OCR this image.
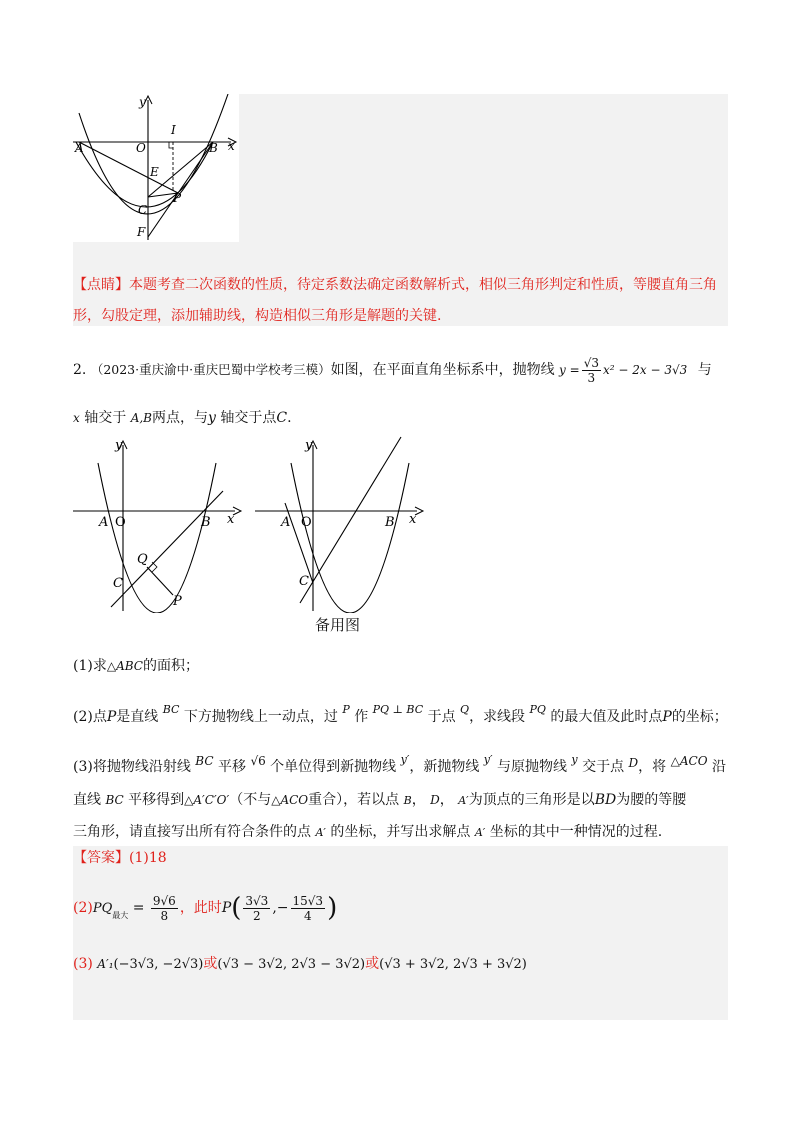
y
I
A	O	B x
E
C
P
F
【点睛】本题考查二次函数的性质，待定系数法确定函数解析式，相似三角形判定和性质，等腰直角三角
形，勾股定理，添加辅助线，构造相似三角形是解题的关键.
2. （2023·重庆渝中·重庆巴蜀中学校考三模）如图，在平面直角坐标系中，抛物线 $y = \frac{√3}{3} x^2 - 2x - 3√3$ 与
x 轴交于 A,B两点，与y 轴交于点C.
y
A O	B x
Q
C
P
y
A O	B x
C
备用图
(1)求△ABC的面积；
(2)点P是直线 $^{BC}$ 下方抛物线上一动点，过 $^P$ 作 $^{PQ \perp BC}$ 于点 $^Q$，求线段 $^{PQ}$ 的最大值及此时点P的坐标；
(3)将抛物线沿射线 BC 平移 √6 个单位得到新抛物线 $^{y'}$，新抛物线 $^{y'}$ 与原抛物线 $^y$ 交于点 D，将 △ACO 沿
直线 BC 平移得到△A′C′O′（不与△ACO重合），若以点 B， D， A′为顶点的三角形是以BD为腰的等腰
三角形，请直接写出所有符合条件的点 A′ 的坐标，并写出求解点 A′ 坐标的其中一种情况的过程.
【答案】(1)18
$(2)PQ_{最大} = \frac{9√6}{8}$ ，此时$P( \frac{3√3}{2}$ ,− $\frac{15√3}{4}$ )
(3) A′₁(−3√3, −2√3)或(√3 − 3√2, 2√3 − 3√2)或(√3 + 3√2, 2√3 + 3√2)
